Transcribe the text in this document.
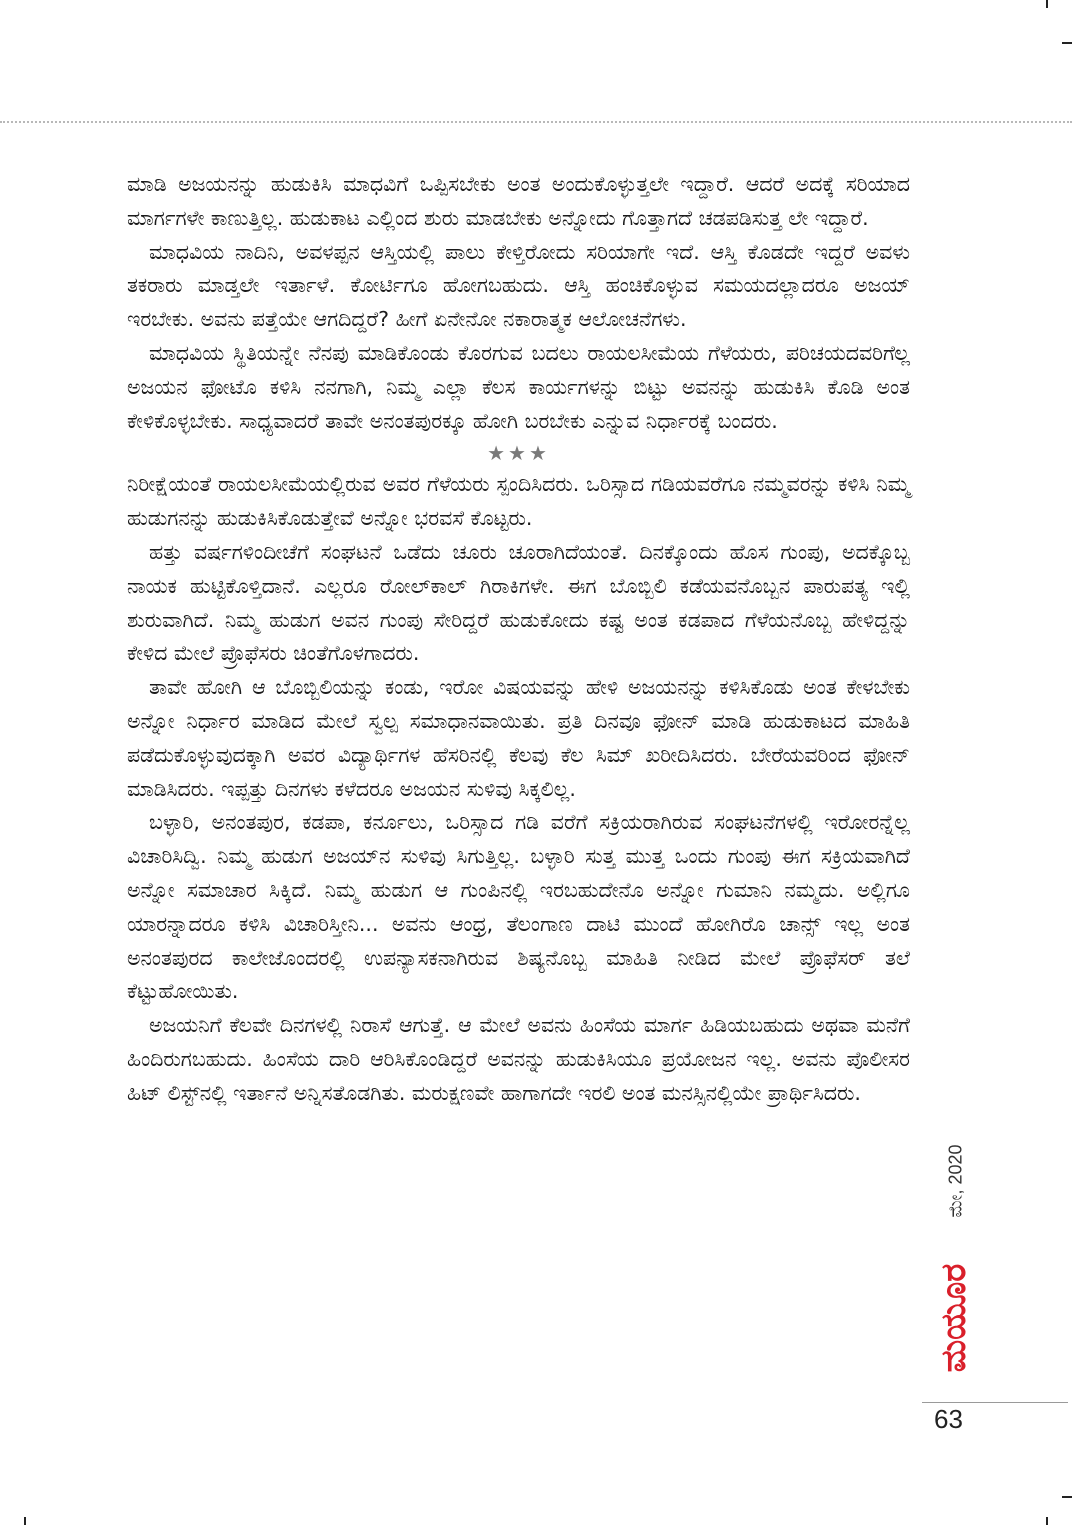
ಮಾಡಿ ಅಜಯನನ್ನು ಹುಡುಕಿಸಿ ಮಾಧವಿಗೆ ಒಪ್ಪಿಸಬೇಕು ಅಂತ ಅಂದುಕೊಳ್ಳುತ್ತಲೇ ಇದ್ದಾರೆ. ಆದರೆ ಅದಕ್ಕೆ ಸರಿಯಾದ ಮಾರ್ಗಗಳೇ ಕಾಣುತ್ತಿಲ್ಲ. ಹುಡುಕಾಟ ಎಲ್ಲಿಂದ ಶುರು ಮಾಡಬೇಕು ಅನ್ನೋದು ಗೊತ್ತಾಗದೆ ಚಡಪಡಿಸುತ್ತ ಲೇ ಇದ್ದಾರೆ.

ಮಾಧವಿಯ ನಾದಿನಿ, ಅವಳಪ್ಪನ ಆಸ್ತಿಯಲ್ಲಿ ಪಾಲು ಕೇಳ್ತಿರೋದು ಸರಿಯಾಗೇ ಇದೆ. ಆಸ್ತಿ ಕೊಡದೇ ಇದ್ದರೆ ಅವಳು ತಕರಾರು ಮಾಡ್ತಲೇ ಇರ್ತಾಳೆ. ಕೋರ್ಟಿಗೂ ಹೋಗಬಹುದು. ಆಸ್ತಿ ಹಂಚಿಕೊಳ್ಳುವ ಸಮಯದಲ್ಲಾದರೂ ಅಜಯ್ ಇರಬೇಕು. ಅವನು ಪತ್ತೆಯೇ ಆಗದಿದ್ದರೆ? ಹೀಗೆ ಏನೇನೋ ನಕಾರಾತ್ಮಕ ಆಲೋಚನೆಗಳು.

ಮಾಧವಿಯ ಸ್ಥಿತಿಯನ್ನೇ ನೆನಪು ಮಾಡಿಕೊಂಡು ಕೊರಗುವ ಬದಲು ರಾಯಲಸೀಮೆಯ ಗೆಳೆಯರು, ಪರಿಚಯದವರಿಗೆಲ್ಲ ಅಜಯನ ಫೋಟೊ ಕಳಿಸಿ ನನಗಾಗಿ, ನಿಮ್ಮ ಎಲ್ಲಾ ಕೆಲಸ ಕಾರ್ಯಗಳನ್ನು ಬಿಟ್ಟು ಅವನನ್ನು ಹುಡುಕಿಸಿ ಕೊಡಿ ಅಂತ ಕೇಳಿಕೊಳ್ಳಬೇಕು. ಸಾಧ್ಯವಾದರೆ ತಾವೇ ಅನಂತಪುರಕ್ಕೂ ಹೋಗಿ ಬರಬೇಕು ಎನ್ನುವ ನಿರ್ಧಾರಕ್ಕೆ ಬಂದರು.

★★★

ನಿರೀಕ್ಷೆಯಂತೆ ರಾಯಲಸೀಮೆಯಲ್ಲಿರುವ ಅವರ ಗೆಳೆಯರು ಸ್ಪಂದಿಸಿದರು. ಒರಿಸ್ಸಾದ ಗಡಿಯವರೆಗೂ ನಮ್ಮವರನ್ನು ಕಳಿಸಿ ನಿಮ್ಮ ಹುಡುಗನನ್ನು ಹುಡುಕಿಸಿಕೊಡುತ್ತೇವೆ ಅನ್ನೋ ಭರವಸೆ ಕೊಟ್ಟರು.

ಹತ್ತು ವರ್ಷಗಳಿಂದೀಚೆಗೆ ಸಂಘಟನೆ ಒಡೆದು ಚೂರು ಚೂರಾಗಿದೆಯಂತೆ. ದಿನಕ್ಕೊಂದು ಹೊಸ ಗುಂಪು, ಅದಕ್ಕೊಬ್ಬ ನಾಯಕ ಹುಟ್ಟಿಕೊಳ್ತಿದಾನೆ. ಎಲ್ಲರೂ ರೋಲ್‌ಕಾಲ್ ಗಿರಾಕಿಗಳೇ. ಈಗ ಬೊಬ್ಬಿಲಿ ಕಡೆಯವನೊಬ್ಬನ ಪಾರುಪತ್ಯ ಇಲ್ಲಿ ಶುರುವಾಗಿದೆ. ನಿಮ್ಮ ಹುಡುಗ ಅವನ ಗುಂಪು ಸೇರಿದ್ದರೆ ಹುಡುಕೋದು ಕಷ್ಟ ಅಂತ ಕಡಪಾದ ಗೆಳೆಯನೊಬ್ಬ ಹೇಳಿದ್ದನ್ನು ಕೇಳಿದ ಮೇಲೆ ಪ್ರೊಫೆಸರು ಚಿಂತೆಗೊಳಗಾದರು.

ತಾವೇ ಹೋಗಿ ಆ ಬೊಬ್ಬಿಲಿಯನ್ನು ಕಂಡು, ಇರೋ ವಿಷಯವನ್ನು ಹೇಳಿ ಅಜಯನನ್ನು ಕಳಿಸಿಕೊಡು ಅಂತ ಕೇಳಬೇಕು ಅನ್ನೋ ನಿರ್ಧಾರ ಮಾಡಿದ ಮೇಲೆ ಸ್ವಲ್ಪ ಸಮಾಧಾನವಾಯಿತು. ಪ್ರತಿ ದಿನವೂ ಫೋನ್ ಮಾಡಿ ಹುಡುಕಾಟದ ಮಾಹಿತಿ ಪಡೆದುಕೊಳ್ಳುವುದಕ್ಕಾಗಿ ಅವರ ವಿದ್ಯಾರ್ಥಿಗಳ ಹೆಸರಿನಲ್ಲಿ ಕೆಲವು ಕೆಲ ಸಿಮ್ ಖರೀದಿಸಿದರು. ಬೇರೆಯವರಿಂದ ಫೋನ್ ಮಾಡಿಸಿದರು. ಇಪ್ಪತ್ತು ದಿನಗಳು ಕಳೆದರೂ ಅಜಯನ ಸುಳಿವು ಸಿಕ್ಕಲಿಲ್ಲ.

ಬಳ್ಳಾರಿ, ಅನಂತಪುರ, ಕಡಪಾ, ಕರ್ನೂಲು, ಒರಿಸ್ಸಾದ ಗಡಿ ವರೆಗೆ ಸಕ್ರಿಯರಾಗಿರುವ ಸಂಘಟನೆಗಳಲ್ಲಿ ಇರೋರನ್ನೆಲ್ಲ ವಿಚಾರಿಸಿದ್ವಿ. ನಿಮ್ಮ ಹುಡುಗ ಅಜಯ್‌ನ ಸುಳಿವು ಸಿಗುತ್ತಿಲ್ಲ. ಬಳ್ಳಾರಿ ಸುತ್ತ ಮುತ್ತ ಒಂದು ಗುಂಪು ಈಗ ಸಕ್ರಿಯವಾಗಿದೆ ಅನ್ನೋ ಸಮಾಚಾರ ಸಿಕ್ಕಿದೆ. ನಿಮ್ಮ ಹುಡುಗ ಆ ಗುಂಪಿನಲ್ಲಿ ಇರಬಹುದೇನೊ ಅನ್ನೋ ಗುಮಾನಿ ನಮ್ಮದು. ಅಲ್ಲಿಗೂ ಯಾರನ್ನಾದರೂ ಕಳಿಸಿ ವಿಚಾರಿಸ್ತೀನಿ... ಅವನು ಆಂಧ್ರ, ತೆಲಂಗಾಣ ದಾಟಿ ಮುಂದೆ ಹೋಗಿರೊ ಚಾನ್ಸ್ ಇಲ್ಲ ಅಂತ ಅನಂತಪುರದ ಕಾಲೇಜೊಂದರಲ್ಲಿ ಉಪನ್ಯಾಸಕನಾಗಿರುವ ಶಿಷ್ಯನೊಬ್ಬ ಮಾಹಿತಿ ನೀಡಿದ ಮೇಲೆ ಪ್ರೊಫೆಸರ್ ತಲೆ ಕೆಟ್ಟುಹೋಯಿತು.

ಅಜಯನಿಗೆ ಕೆಲವೇ ದಿನಗಳಲ್ಲಿ ನಿರಾಸೆ ಆಗುತ್ತೆ. ಆ ಮೇಲೆ ಅವನು ಹಿಂಸೆಯ ಮಾರ್ಗ ಹಿಡಿಯಬಹುದು ಅಥವಾ ಮನೆಗೆ ಹಿಂದಿರುಗಬಹುದು. ಹಿಂಸೆಯ ದಾರಿ ಆರಿಸಿಕೊಂಡಿದ್ದರೆ ಅವನನ್ನು ಹುಡುಕಿಸಿಯೂ ಪ್ರಯೋಜನ ಇಲ್ಲ. ಅವನು ಪೊಲೀಸರ ಹಿಟ್ ಲಿಸ್ಟ್‌ನಲ್ಲಿ ಇರ್ತಾನೆ ಅನ್ನಿಸತೊಡಗಿತು. ಮರುಕ್ಷಣವೇ ಹಾಗಾಗದೇ ಇರಲಿ ಅಂತ ಮನಸ್ಸಿನಲ್ಲಿಯೇ ಪ್ರಾರ್ಥಿಸಿದರು.

ಮೇ, 2020
ಮಯೂರ
63
